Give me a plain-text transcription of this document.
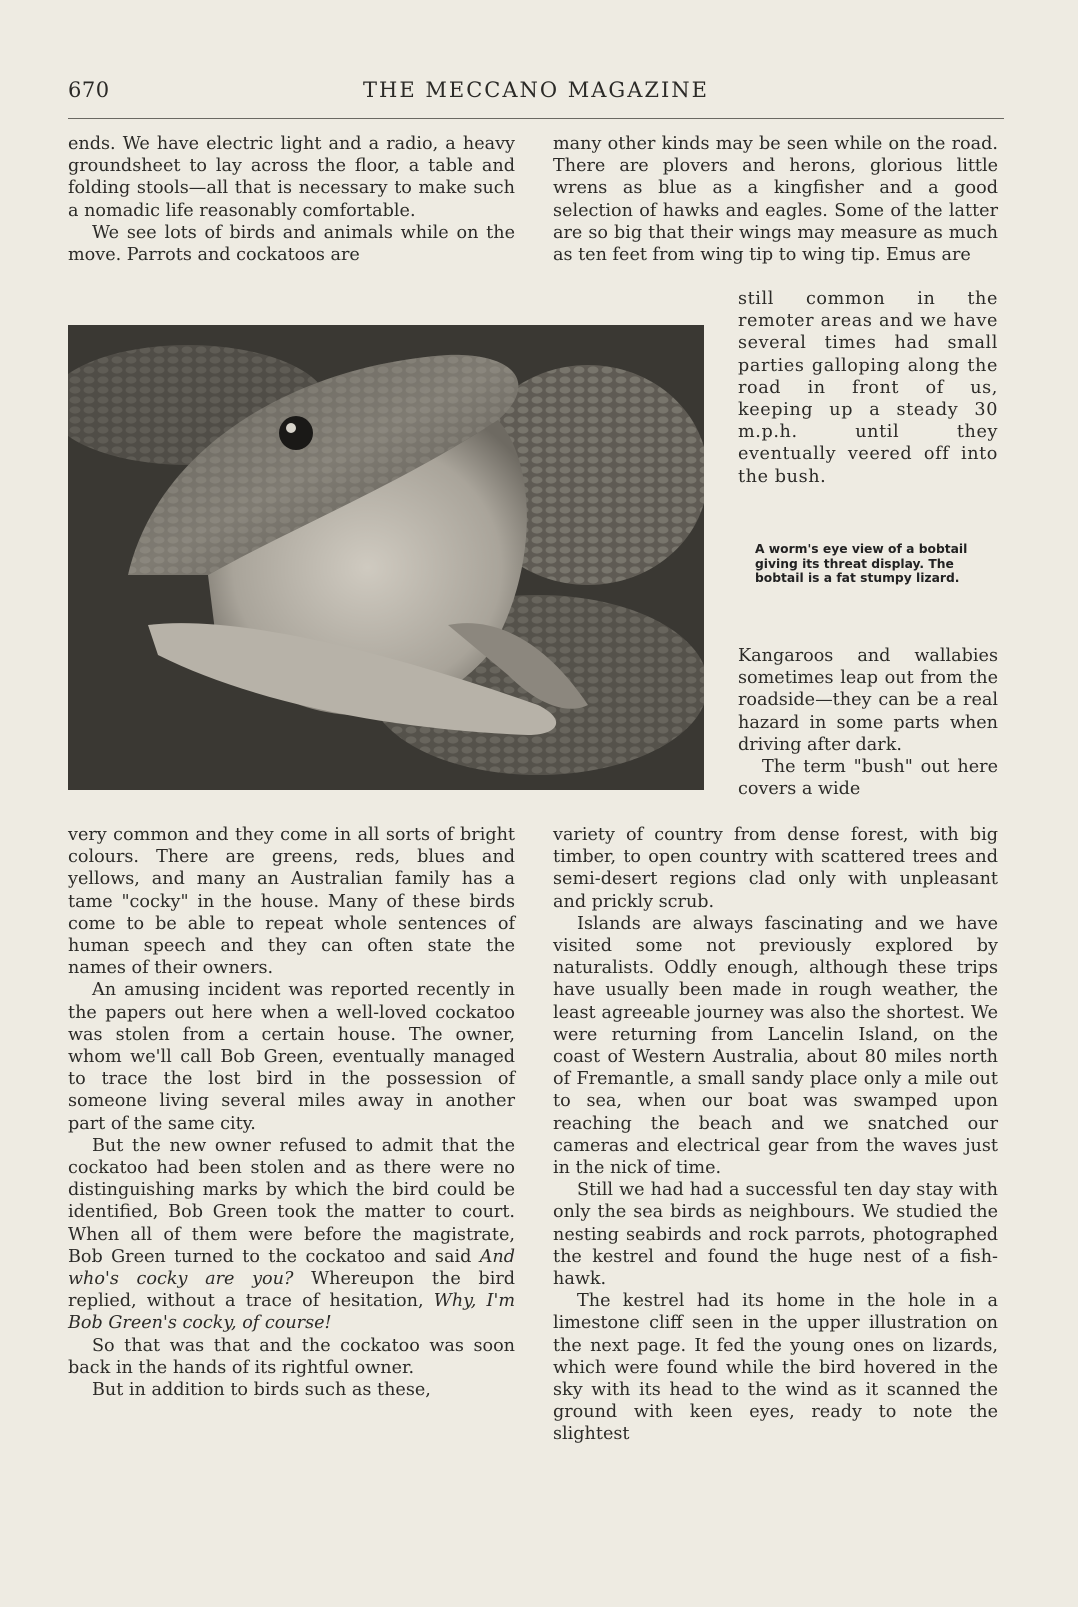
670	THE MECCANO MAGAZINE

ends. We have electric light and a radio, a heavy groundsheet to lay across the floor, a table and folding stools—all that is necessary to make such a nomadic life reasonably comfortable.

We see lots of birds and animals while on the move. Parrots and cockatoos are

many other kinds may be seen while on the road. There are plovers and herons, glorious little wrens as blue as a kingfisher and a good selection of hawks and eagles. Some of the latter are so big that their wings may measure as much as ten feet from wing tip to wing tip. Emus are

still common in the remoter areas and we have several times had small parties galloping along the road in front of us, keeping up a steady 30 m.p.h. until they eventually veered off into the bush.

A worm's eye view of a bobtail giving its threat display. The bobtail is a fat stumpy lizard.

Kangaroos and wallabies sometimes leap out from the roadside—they can be a real hazard in some parts when driving after dark.

The term "bush" out here covers a wide

very common and they come in all sorts of bright colours. There are greens, reds, blues and yellows, and many an Australian family has a tame "cocky" in the house. Many of these birds come to be able to repeat whole sentences of human speech and they can often state the names of their owners.

An amusing incident was reported recently in the papers out here when a well-loved cockatoo was stolen from a certain house. The owner, whom we'll call Bob Green, eventually managed to trace the lost bird in the possession of someone living several miles away in another part of the same city.

But the new owner refused to admit that the cockatoo had been stolen and as there were no distinguishing marks by which the bird could be identified, Bob Green took the matter to court. When all of them were before the magistrate, Bob Green turned to the cockatoo and said And who's cocky are you? Whereupon the bird replied, without a trace of hesitation, Why, I'm Bob Green's cocky, of course!

So that was that and the cockatoo was soon back in the hands of its rightful owner.

But in addition to birds such as these,

variety of country from dense forest, with big timber, to open country with scattered trees and semi-desert regions clad only with unpleasant and prickly scrub.

Islands are always fascinating and we have visited some not previously explored by naturalists. Oddly enough, although these trips have usually been made in rough weather, the least agreeable journey was also the shortest. We were returning from Lancelin Island, on the coast of Western Australia, about 80 miles north of Fremantle, a small sandy place only a mile out to sea, when our boat was swamped upon reaching the beach and we snatched our cameras and electrical gear from the waves just in the nick of time.

Still we had had a successful ten day stay with only the sea birds as neighbours. We studied the nesting seabirds and rock parrots, photographed the kestrel and found the huge nest of a fish-hawk.

The kestrel had its home in the hole in a limestone cliff seen in the upper illustration on the next page. It fed the young ones on lizards, which were found while the bird hovered in the sky with its head to the wind as it scanned the ground with keen eyes, ready to note the slightest
